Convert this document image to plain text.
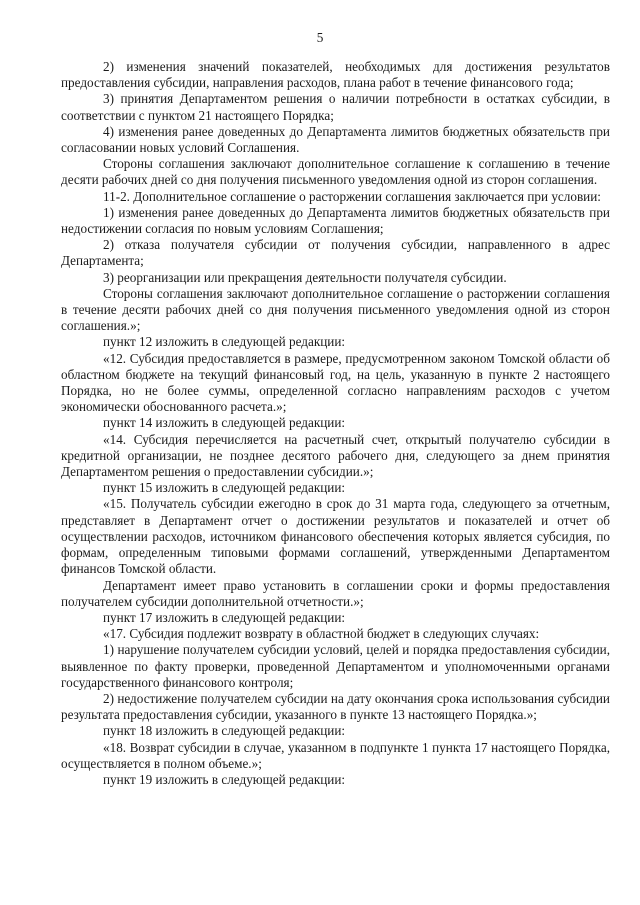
5

2) изменения значений показателей, необходимых для достижения результатов предоставления субсидии, направления расходов, плана работ в течение финансового года;

3) принятия Департаментом решения о наличии потребности в остатках субсидии, в соответствии с пунктом 21 настоящего Порядка;

4) изменения ранее доведенных до Департамента лимитов бюджетных обязательств при согласовании новых условий Соглашения.

Стороны соглашения заключают дополнительное соглашение к соглашению в течение десяти рабочих дней со дня получения письменного уведомления одной из сторон соглашения.

11-2. Дополнительное соглашение о расторжении соглашения заключается при условии:

1) изменения ранее доведенных до Департамента лимитов бюджетных обязательств при недостижении согласия по новым условиям Соглашения;

2) отказа получателя субсидии от получения субсидии, направленного в адрес Департамента;

3) реорганизации или прекращения деятельности получателя субсидии.

Стороны соглашения заключают дополнительное соглашение о расторжении соглашения в течение десяти рабочих дней со дня получения письменного уведомления одной из сторон соглашения.»;

пункт 12 изложить в следующей редакции:

«12. Субсидия предоставляется в размере, предусмотренном законом Томской области об областном бюджете на текущий финансовый год, на цель, указанную в пункте 2 настоящего Порядка, но не более суммы, определенной согласно направлениям расходов с учетом экономически обоснованного расчета.»;

пункт 14 изложить в следующей редакции:

«14. Субсидия перечисляется на расчетный счет, открытый получателю субсидии в кредитной организации, не позднее десятого рабочего дня, следующего за днем принятия Департаментом решения о предоставлении субсидии.»;

пункт 15 изложить в следующей редакции:

«15. Получатель субсидии ежегодно в срок до 31 марта года, следующего за отчетным, представляет в Департамент отчет о достижении результатов и показателей и отчет об осуществлении расходов, источником финансового обеспечения которых является субсидия, по формам, определенным типовыми формами соглашений, утвержденными Департаментом финансов Томской области.

Департамент имеет право установить в соглашении сроки и формы предоставления получателем субсидии дополнительной отчетности.»;

пункт 17 изложить в следующей редакции:

«17. Субсидия подлежит возврату в областной бюджет в следующих случаях:

1) нарушение получателем субсидии условий, целей и порядка предоставления субсидии, выявленное по факту проверки, проведенной Департаментом и уполномоченными органами государственного финансового контроля;

2) недостижение получателем субсидии на дату окончания срока использования субсидии результата предоставления субсидии, указанного в пункте 13 настоящего Порядка.»;

пункт 18 изложить в следующей редакции:

«18. Возврат субсидии в случае, указанном в подпункте 1 пункта 17 настоящего Порядка, осуществляется в полном объеме.»;

пункт 19 изложить в следующей редакции:
